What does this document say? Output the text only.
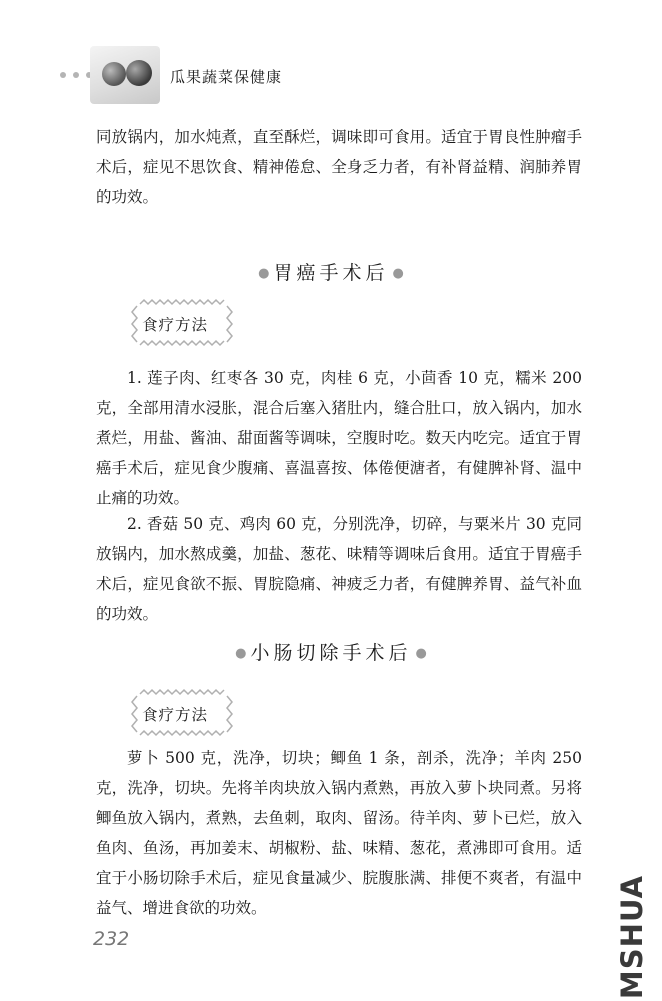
瓜果蔬菜保健康

同放锅内，加水炖煮，直至酥烂，调味即可食用。适宜于胃良性肿瘤手术后，症见不思饮食、精神倦怠、全身乏力者，有补肾益精、润肺养胃的功效。

● 胃癌手术后 ●
食疗方法

1. 莲子肉、红枣各 30 克，肉桂 6 克，小茴香 10 克，糯米 200 克，全部用清水浸胀，混合后塞入猪肚内，缝合肚口，放入锅内，加水煮烂，用盐、酱油、甜面酱等调味，空腹时吃。数天内吃完。适宜于胃癌手术后，症见食少腹痛、喜温喜按、体倦便溏者，有健脾补肾、温中止痛的功效。

2. 香菇 50 克、鸡肉 60 克，分别洗净，切碎，与粟米片 30 克同放锅内，加水熬成羹，加盐、葱花、味精等调味后食用。适宜于胃癌手术后，症见食欲不振、胃脘隐痛、神疲乏力者，有健脾养胃、益气补血的功效。

● 小肠切除手术后 ●
食疗方法

萝卜 500 克，洗净，切块；鲫鱼 1 条，剖杀，洗净；羊肉 250 克，洗净，切块。先将羊肉块放入锅内煮熟，再放入萝卜块同煮。另将鲫鱼放入锅内，煮熟，去鱼刺，取肉、留汤。待羊肉、萝卜已烂，放入鱼肉、鱼汤，再加姜末、胡椒粉、盐、味精、葱花，煮沸即可食用。适宜于小肠切除手术后，症见食量减少、脘腹胀满、排便不爽者，有温中益气、增进食欲的功效。

232	MSHUA
